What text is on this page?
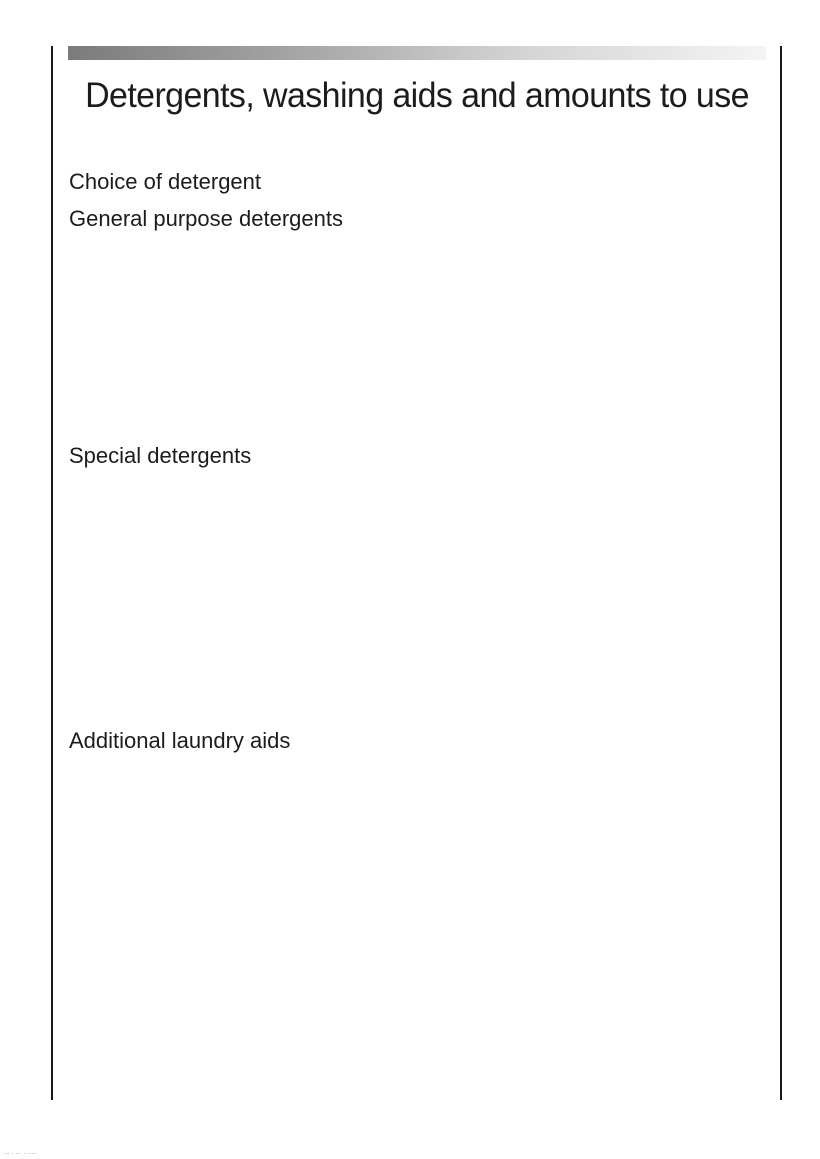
Detergents, washing aids and amounts to use
Choice of detergent
General purpose detergents
Special detergents
Additional laundry aids
... . ... . .....
